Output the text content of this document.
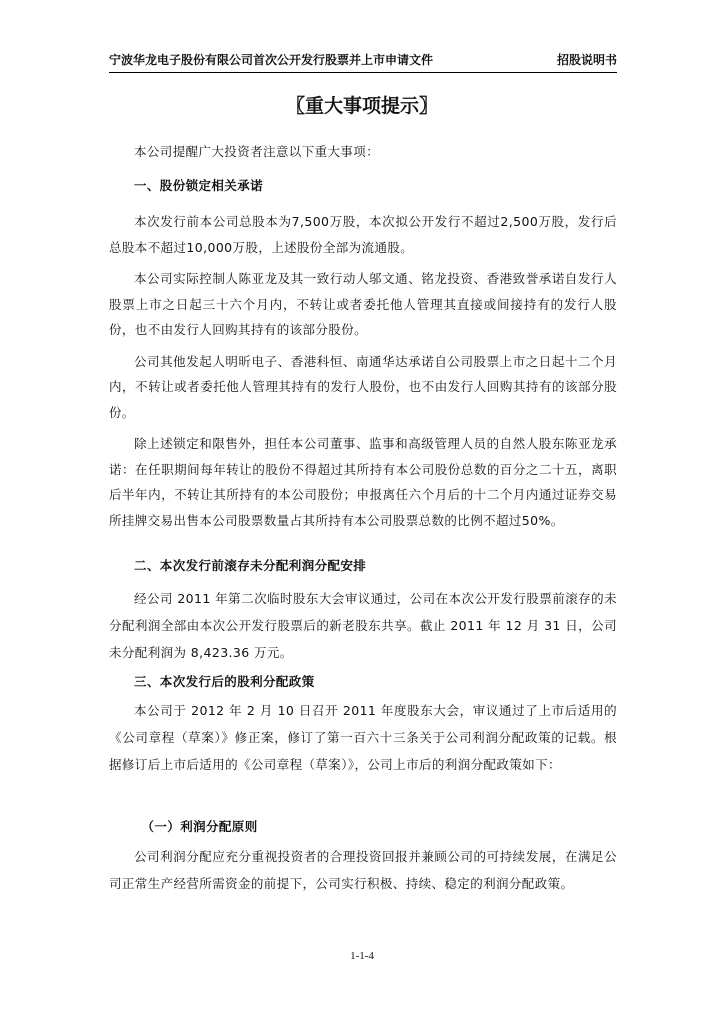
宁波华龙电子股份有限公司首次公开发行股票并上市申请文件	招股说明书
〖重大事项提示〗

本公司提醒广大投资者注意以下重大事项：

一、股份锁定相关承诺

本次发行前本公司总股本为7,500万股，本次拟公开发行不超过2,500万股，发行后总股本不超过10,000万股，上述股份全部为流通股。

本公司实际控制人陈亚龙及其一致行动人邬文通、铭龙投资、香港致誉承诺自发行人股票上市之日起三十六个月内，不转让或者委托他人管理其直接或间接持有的发行人股份，也不由发行人回购其持有的该部分股份。

公司其他发起人明昕电子、香港科恒、南通华达承诺自公司股票上市之日起十二个月内，不转让或者委托他人管理其持有的发行人股份，也不由发行人回购其持有的该部分股份。

除上述锁定和限售外，担任本公司董事、监事和高级管理人员的自然人股东陈亚龙承诺：在任职期间每年转让的股份不得超过其所持有本公司股份总数的百分之二十五，离职后半年内，不转让其所持有的本公司股份；申报离任六个月后的十二个月内通过证券交易所挂牌交易出售本公司股票数量占其所持有本公司股票总数的比例不超过50%。

二、本次发行前滚存未分配利润分配安排

经公司 2011 年第二次临时股东大会审议通过，公司在本次公开发行股票前滚存的未分配利润全部由本次公开发行股票后的新老股东共享。截止 2011 年 12 月 31 日，公司未分配利润为 8,423.36 万元。

三、本次发行后的股利分配政策

本公司于 2012 年 2 月 10 日召开 2011 年度股东大会，审议通过了上市后适用的《公司章程（草案）》修正案，修订了第一百六十三条关于公司利润分配政策的记载。根据修订后上市后适用的《公司章程（草案）》，公司上市后的利润分配政策如下：

（一）利润分配原则

公司利润分配应充分重视投资者的合理投资回报并兼顾公司的可持续发展，在满足公司正常生产经营所需资金的前提下，公司实行积极、持续、稳定的利润分配政策。

1-1-4
